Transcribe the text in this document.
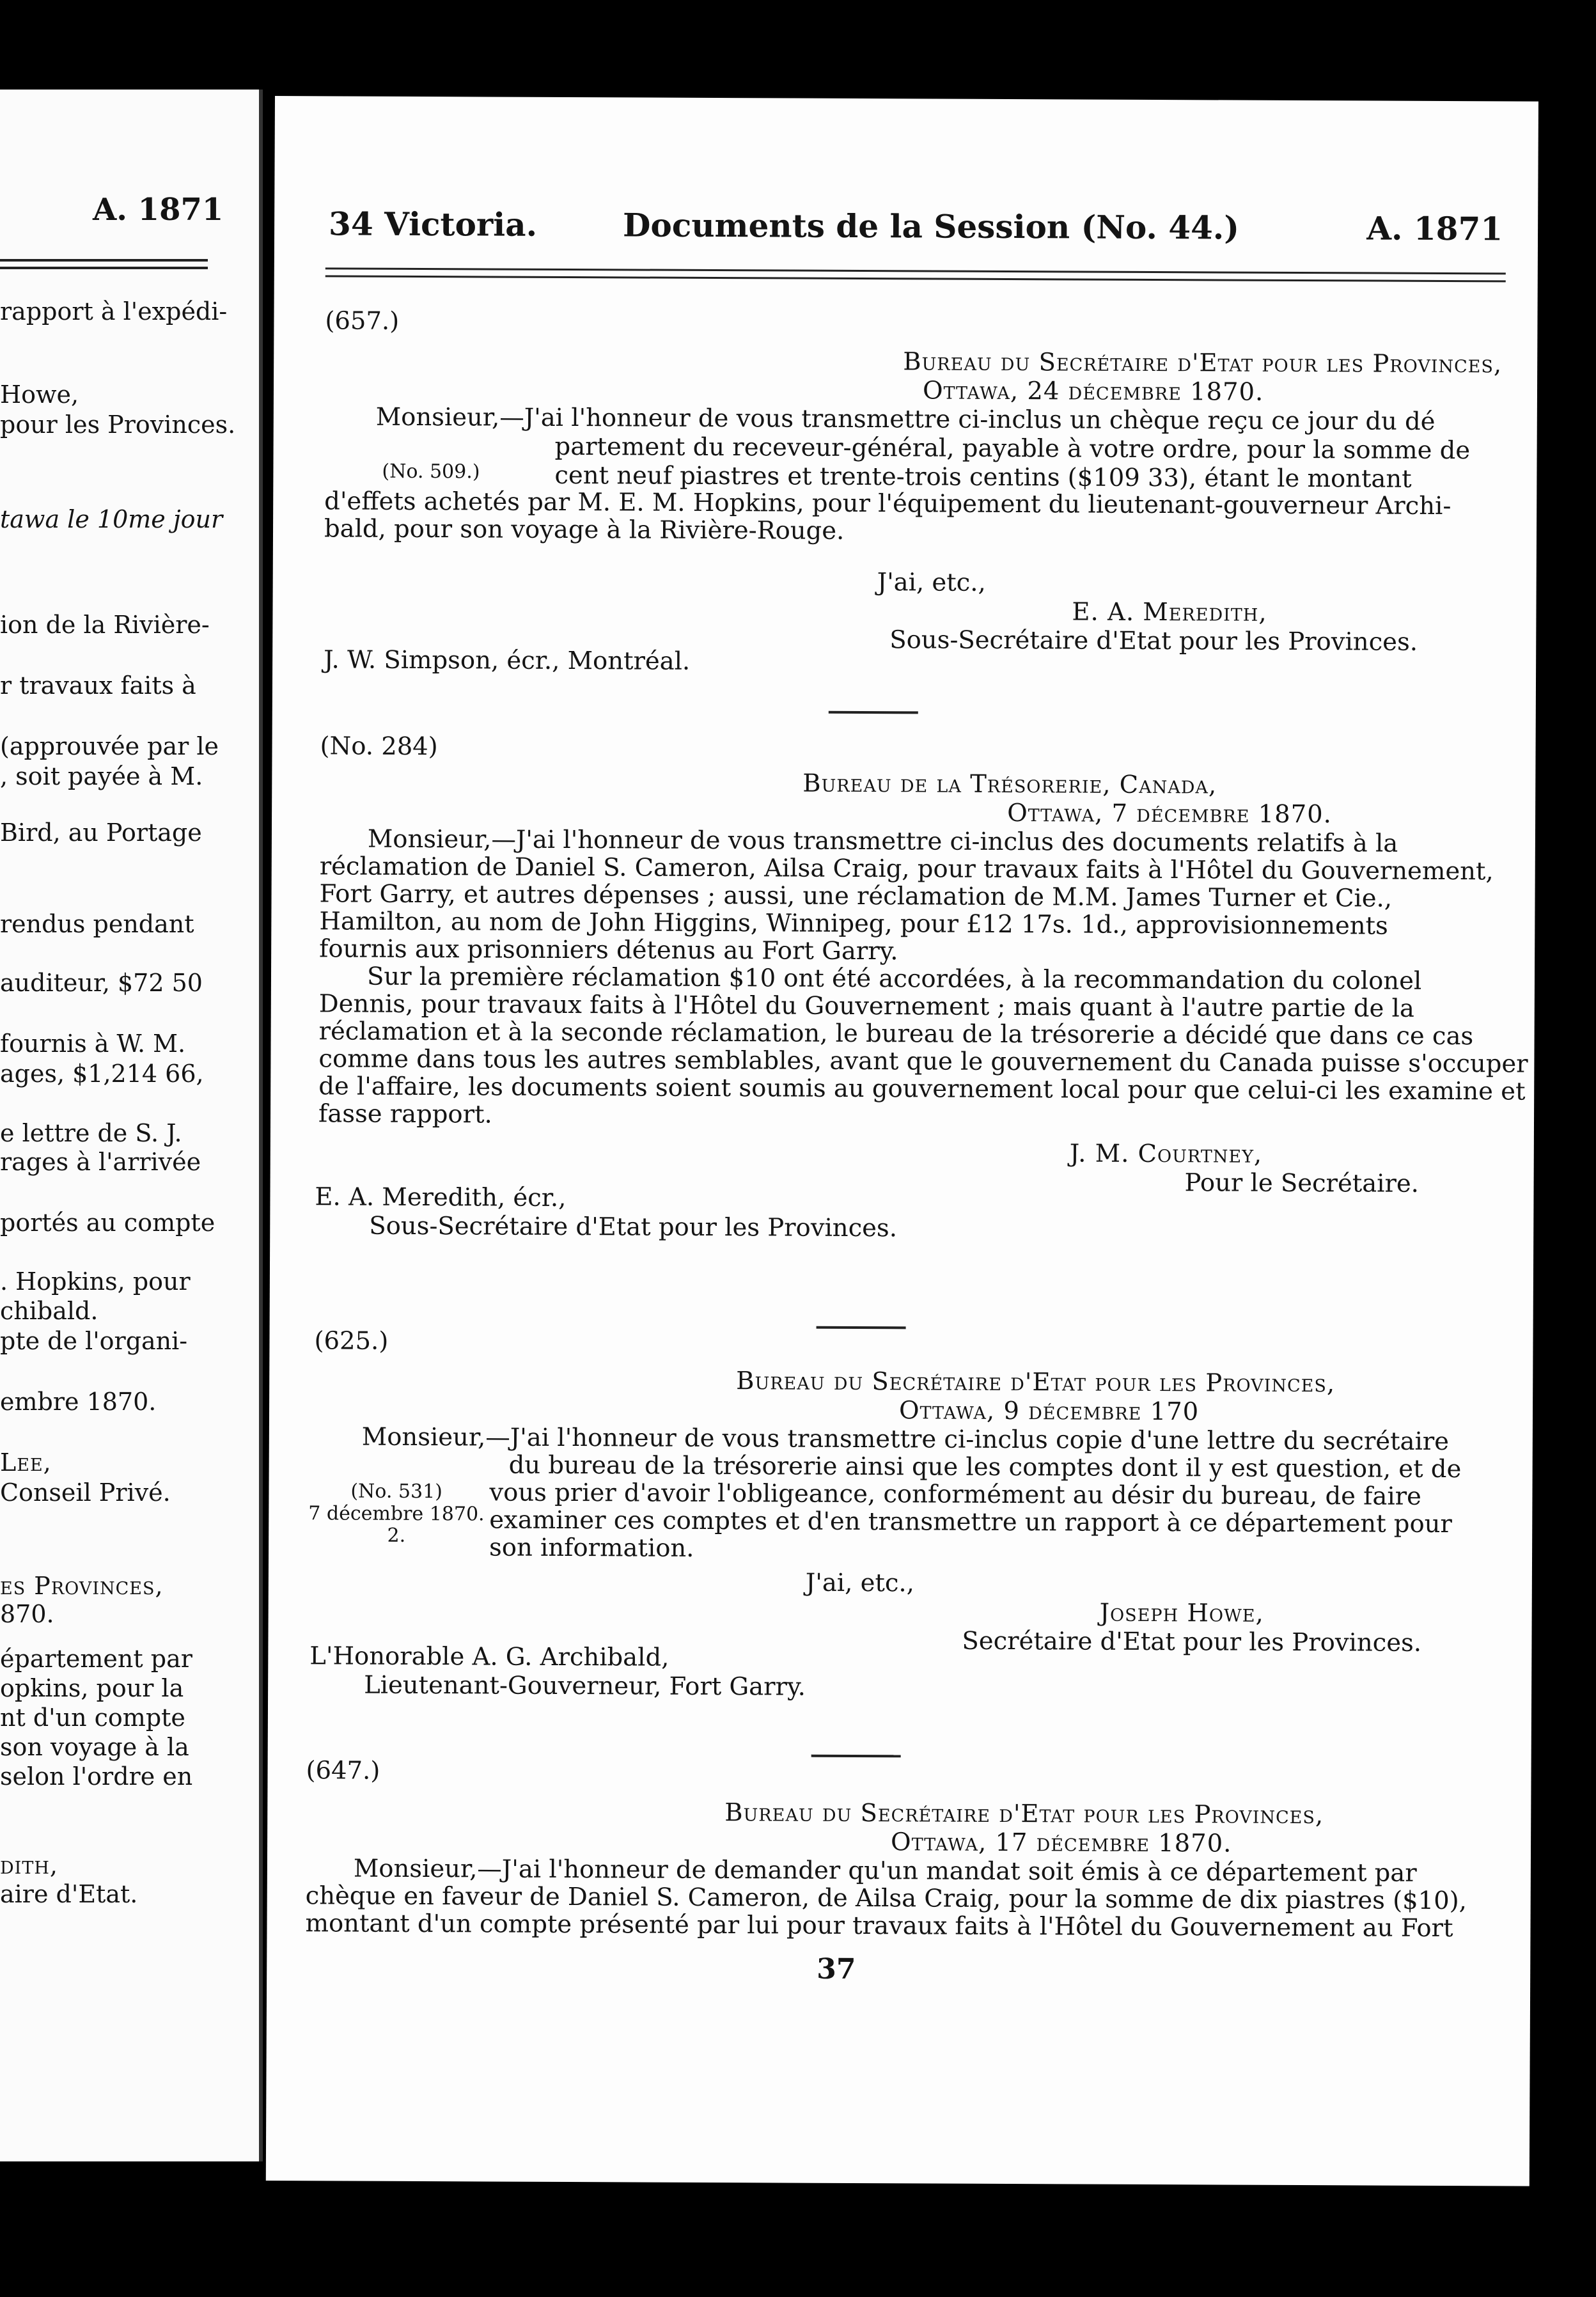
A. 1871
rapport à l'expédi-
Howe,
pour les Provinces.
tawa le 10me jour
ion de la Rivière-
r travaux faits à
(approuvée par le
, soit payée à M.
Bird, au Portage
rendus pendant
auditeur, $72 50
fournis à W. M.
ages, $1,214 66,
e lettre de S. J.
rages à l'arrivée
portés au compte
. Hopkins, pour
chibald.
pte de l'organi-
embre 1870.
Lee,
Conseil Privé.
es Provinces,
870.
épartement par
opkins, pour la
nt d'un compte
son voyage à la
selon l'ordre en
dith,
aire d'Etat.
34 Victoria.	Documents de la Session (No. 44.)	A. 1871
(657.)
Bureau du Secrétaire d'Etat pour les Provinces,
Ottawa, 24 décembre 1870.
Monsieur,—J'ai l'honneur de vous transmettre ci-inclus un chèque reçu ce jour du dé
(No. 509.)
partement du receveur-général, payable à votre ordre, pour la somme de
cent neuf piastres et trente-trois centins ($109 33), étant le montant
d'effets achetés par M. E. M. Hopkins, pour l'équipement du lieutenant-gouverneur Archi-
bald, pour son voyage à la Rivière-Rouge.
J'ai, etc.,
E. A. Meredith,
Sous-Secrétaire d'Etat pour les Provinces.
J. W. Simpson, écr., Montréal.
(No. 284)
Bureau de la Trésorerie, Canada,
Ottawa, 7 décembre 1870.
Monsieur,—J'ai l'honneur de vous transmettre ci-inclus des documents relatifs à la
réclamation de Daniel S. Cameron, Ailsa Craig, pour travaux faits à l'Hôtel du Gouvernement,
Fort Garry, et autres dépenses ; aussi, une réclamation de M.M. James Turner et Cie.,
Hamilton, au nom de John Higgins, Winnipeg, pour £12 17s. 1d., approvisionnements
fournis aux prisonniers détenus au Fort Garry.
Sur la première réclamation $10 ont été accordées, à la recommandation du colonel
Dennis, pour travaux faits à l'Hôtel du Gouvernement ; mais quant à l'autre partie de la
réclamation et à la seconde réclamation, le bureau de la trésorerie a décidé que dans ce cas
comme dans tous les autres semblables, avant que le gouvernement du Canada puisse s'occuper
de l'affaire, les documents soient soumis au gouvernement local pour que celui-ci les examine et
fasse rapport.
J. M. Courtney,
Pour le Secrétaire.
E. A. Meredith, écr.,
Sous-Secrétaire d'Etat pour les Provinces.
(625.)
Bureau du Secrétaire d'Etat pour les Provinces,
Ottawa, 9 décembre 170
Monsieur,—J'ai l'honneur de vous transmettre ci-inclus copie d'une lettre du secrétaire
(No. 531)
7 décembre 1870.
2.
du bureau de la trésorerie ainsi que les comptes dont il y est question, et de
vous prier d'avoir l'obligeance, conformément au désir du bureau, de faire
examiner ces comptes et d'en transmettre un rapport à ce département pour
son information.
J'ai, etc.,
Joseph Howe,
Secrétaire d'Etat pour les Provinces.
L'Honorable A. G. Archibald,
Lieutenant-Gouverneur, Fort Garry.
(647.)
Bureau du Secrétaire d'Etat pour les Provinces,
Ottawa, 17 décembre 1870.
Monsieur,—J'ai l'honneur de demander qu'un mandat soit émis à ce département par
chèque en faveur de Daniel S. Cameron, de Ailsa Craig, pour la somme de dix piastres ($10),
montant d'un compte présenté par lui pour travaux faits à l'Hôtel du Gouvernement au Fort
37
